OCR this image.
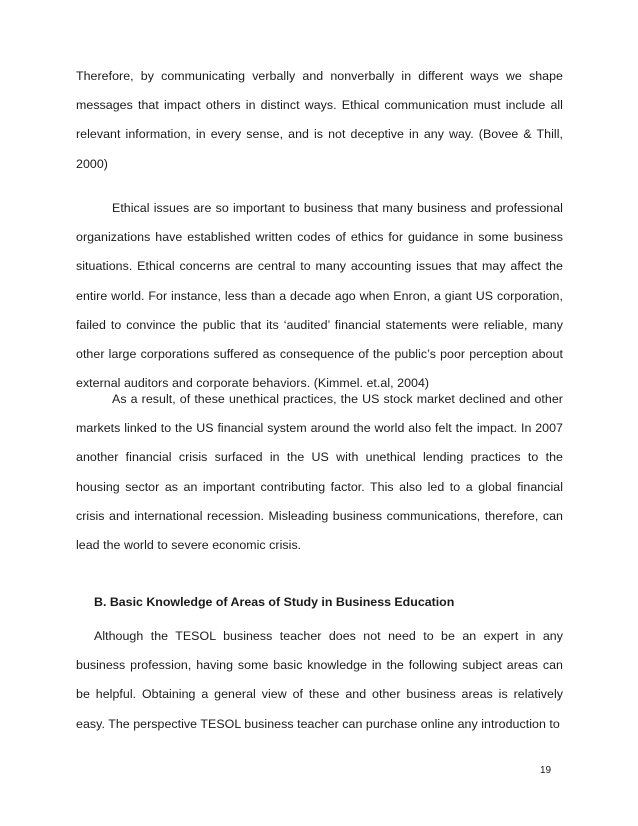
Therefore, by communicating verbally and nonverbally in different ways we shape messages that impact others in distinct ways. Ethical communication must include all relevant information, in every sense, and is not deceptive in any way. (Bovee & Thill, 2000)
Ethical issues are so important to business that many business and professional organizations have established written codes of ethics for guidance in some business situations. Ethical concerns are central to many accounting issues that may affect the entire world. For instance, less than a decade ago when Enron, a giant US corporation, failed to convince the public that its ‘audited’ financial statements were reliable, many other large corporations suffered as consequence of the public’s poor perception about external auditors and corporate behaviors. (Kimmel. et.al, 2004)
As a result, of these unethical practices, the US stock market declined and other markets linked to the US financial system around the world also felt the impact. In 2007 another financial crisis surfaced in the US with unethical lending practices to the housing sector as an important contributing factor. This also led to a global financial crisis and international recession. Misleading business communications, therefore, can lead the world to severe economic crisis.
B. Basic Knowledge of Areas of Study in Business Education
Although the TESOL business teacher does not need to be an expert in any business profession, having some basic knowledge in the following subject areas can be helpful. Obtaining a general view of these and other business areas is relatively easy. The perspective TESOL business teacher can purchase online any introduction to
19
